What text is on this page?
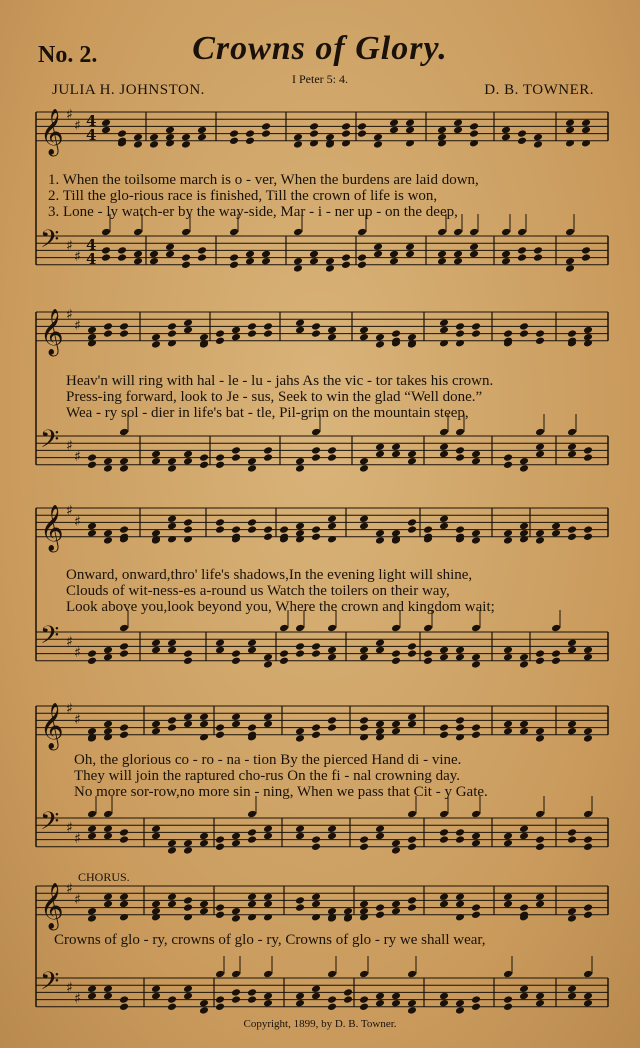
No. 2.	Crowns of Glory.
I Peter 5: 4.
JULIA H. JOHNSTON.	D. B. TOWNER.
𝄞 ♯
♯ 4
4
𝄢 ♯
♯
4
4
𝄞 ♯
♯
𝄢 ♯
♯
𝄞 ♯
♯
𝄢 ♯
♯
𝄞 ♯
♯
𝄢 ♯
♯
𝄞 ♯
♯
𝄢 ♯
♯
1. When the toilsome march is o - ver, When the burdens are laid down,
2. Till the glo-rious race is finished, Till the crown of life is won,
3. Lone - ly watch-er by the way-side, Mar - i - ner up - on the deep,
Heav'n will ring with hal - le - lu - jahs As the vic - tor takes his crown.
Press-ing forward, look to Je - sus, Seek to win the glad “Well done.”
Wea - ry sol - dier in life's bat - tle, Pil-grim on the mountain steep,
Onward, onward,thro' life's shadows,In the evening light will shine,
Clouds of wit-ness-es a-round us Watch the toilers on their way,
Look above you,look beyond you, Where the crown and kingdom wait;
Oh, the glorious co - ro - na - tion By the pierced Hand di - vine.
They will join the raptured cho-rus On the fi - nal crowning day.
No more sor-row,no more sin - ning, When we pass that Cit - y Gate.
CHORUS.
Crowns of glo - ry, crowns of glo - ry, Crowns of glo - ry we shall wear,
Copyright, 1899, by D. B. Towner.
